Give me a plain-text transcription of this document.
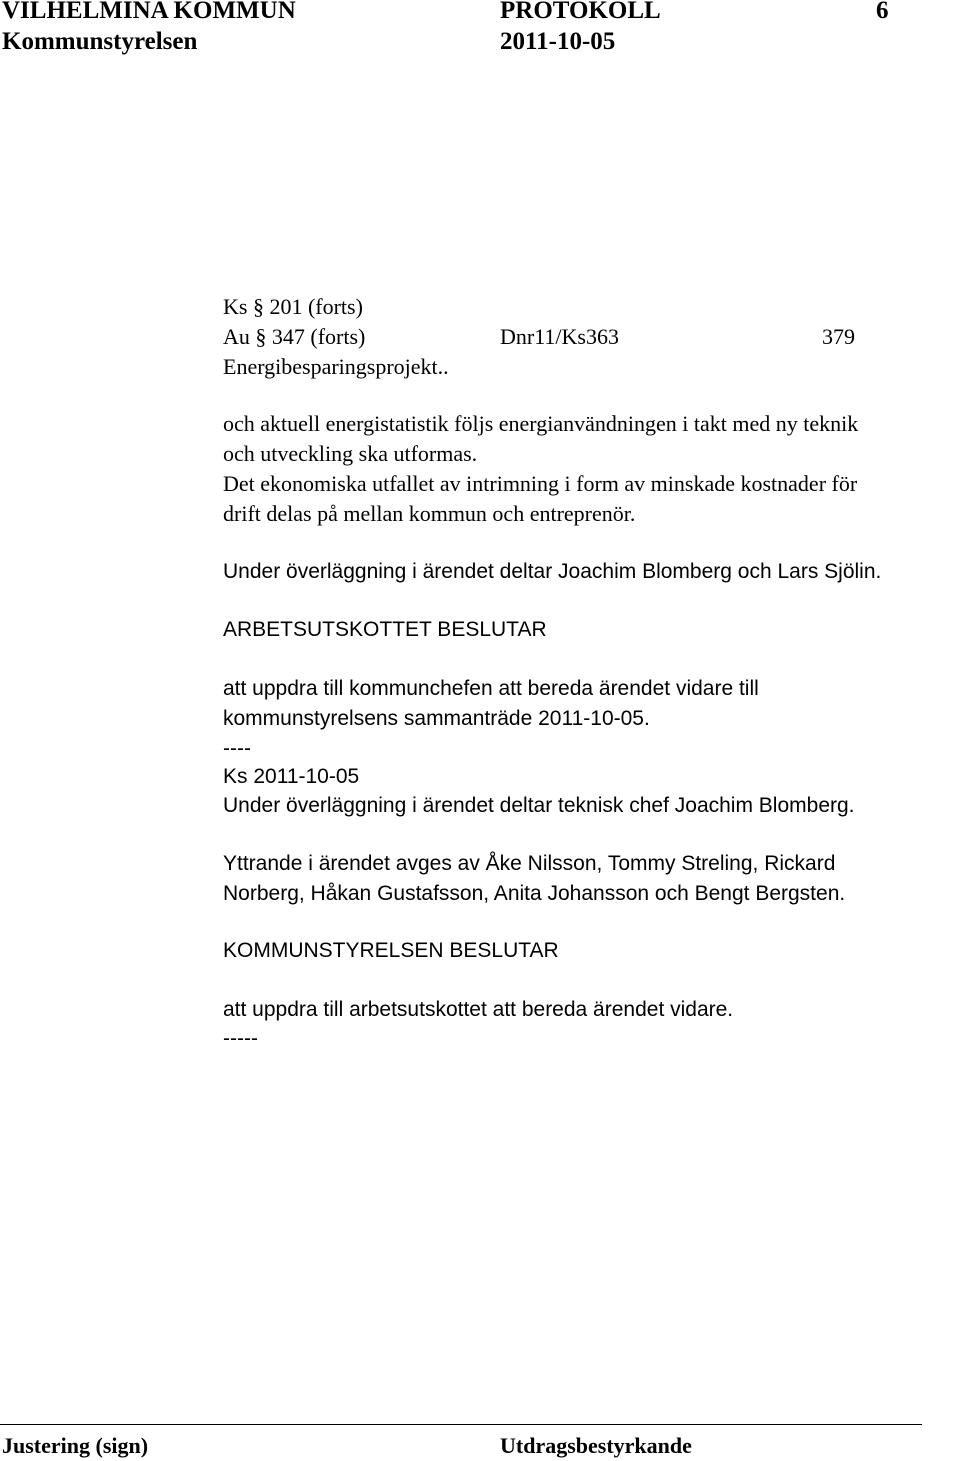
VILHELMINA KOMMUN	PROTOKOLL	6
Kommunstyrelsen	2011-10-05
Ks § 201 (forts)
Au § 347 (forts)	Dnr11/Ks363	379
Energibesparingsprojekt..
och aktuell energistatistik följs energianvändningen i takt med ny teknik
och utveckling ska utformas.
Det ekonomiska utfallet av intrimning i form av minskade kostnader för
drift delas på mellan kommun och entreprenör.
Under överläggning i ärendet deltar Joachim Blomberg och Lars Sjölin.
ARBETSUTSKOTTET BESLUTAR
att uppdra till kommunchefen att bereda ärendet vidare till
kommunstyrelsens sammanträde 2011-10-05.
----
Ks 2011-10-05
Under överläggning i ärendet deltar teknisk chef Joachim Blomberg.
Yttrande i ärendet avges av Åke Nilsson, Tommy Streling, Rickard
Norberg, Håkan Gustafsson, Anita Johansson och Bengt Bergsten.
KOMMUNSTYRELSEN BESLUTAR
att uppdra till arbetsutskottet att bereda ärendet vidare.
-----
Justering (sign)	Utdragsbestyrkande
